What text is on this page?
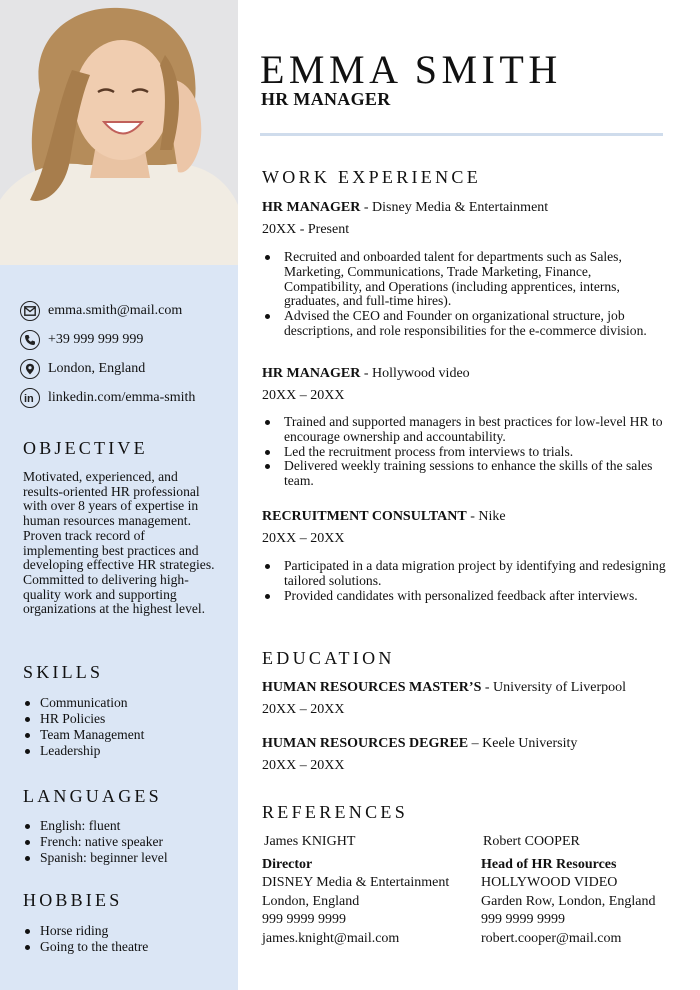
emma.smith@mail.com
+39 999 999 999
London, England
in linkedin.com/emma-smith
OBJECTIVE
Motivated, experienced, and results-oriented HR professional with over 8 years of expertise in human resources management. Proven track record of implementing best practices and developing effective HR strategies. Committed to delivering high-quality work and supporting organizations at the highest level.
SKILLS
Communication
HR Policies
Team Management
Leadership
LANGUAGES
English: fluent
French: native speaker
Spanish: beginner level
HOBBIES
Horse riding
Going to the theatre
EMMA SMITH
HR MANAGER
WORK EXPERIENCE
HR MANAGER - Disney Media & Entertainment
20XX - Present
Recruited and onboarded talent for departments such as Sales, Marketing, Communications, Trade Marketing, Finance, Compatibility, and Operations (including apprentices, interns, graduates, and full-time hires).
Advised the CEO and Founder on organizational structure, job descriptions, and role responsibilities for the e-commerce division.
HR MANAGER - Hollywood video
20XX – 20XX
Trained and supported managers in best practices for low-level HR to encourage ownership and accountability.
Led the recruitment process from interviews to trials.
Delivered weekly training sessions to enhance the skills of the sales team.
RECRUITMENT CONSULTANT - Nike
20XX – 20XX
Participated in a data migration project by identifying and redesigning tailored solutions.
Provided candidates with personalized feedback after interviews.
EDUCATION
HUMAN RESOURCES MASTER’S - University of Liverpool
20XX – 20XX
HUMAN RESOURCES DEGREE – Keele University
20XX – 20XX
REFERENCES
James KNIGHT
Director
DISNEY Media & Entertainment
London, England
999 9999 9999
james.knight@mail.com
Robert COOPER
Head of HR Resources
HOLLYWOOD VIDEO
Garden Row, London, England
999 9999 9999
robert.cooper@mail.com
